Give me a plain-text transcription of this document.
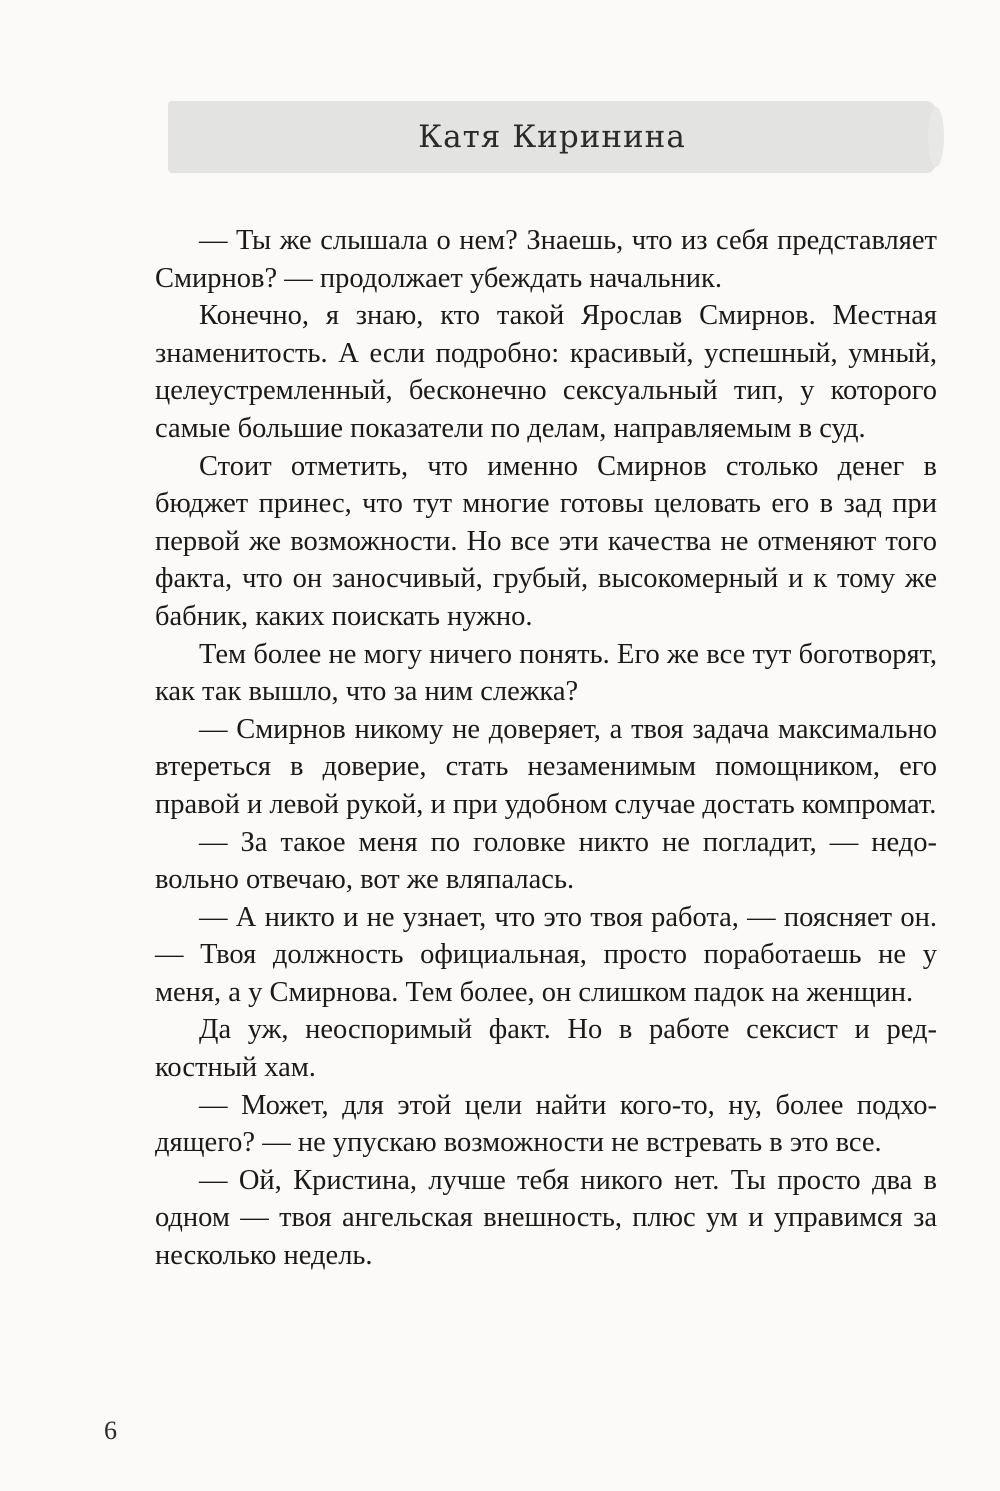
Катя Киринина

— Ты же слышала о нем? Знаешь, что из себя представляет Смирнов? — продолжает убеждать начальник.

Конечно, я знаю, кто такой Ярослав Смирнов. Местная знаменитость. А если подробно: красивый, успешный, умный, целеустремленный, бесконечно сексуальный тип, у которого самые большие показатели по делам, направляемым в суд.

Стоит отметить, что именно Смирнов столько денег в бюджет принес, что тут многие готовы целовать его в зад при первой же возможности. Но все эти качества не отменяют того факта, что он заносчивый, грубый, высокомерный и к тому же бабник, каких поискать нужно.

Тем более не могу ничего понять. Его же все тут боготворят, как так вышло, что за ним слежка?

— Смирнов никому не доверяет, а твоя задача максимально втереться в доверие, стать незаменимым помощником, его правой и левой рукой, и при удобном случае достать компромат.

— За такое меня по головке никто не погладит, — недовольно отвечаю, вот же вляпалась.

— А никто и не узнает, что это твоя работа, — поясняет он. — Твоя должность официальная, просто поработаешь не у меня, а у Смирнова. Тем более, он слишком падок на женщин.

Да уж, неоспоримый факт. Но в работе сексист и редкостный хам.

— Может, для этой цели найти кого-то, ну, более подходящего? — не упускаю возможности не встревать в это все.

— Ой, Кристина, лучше тебя никого нет. Ты просто два в одном — твоя ангельская внешность, плюс ум и управимся за несколько недель.

6
